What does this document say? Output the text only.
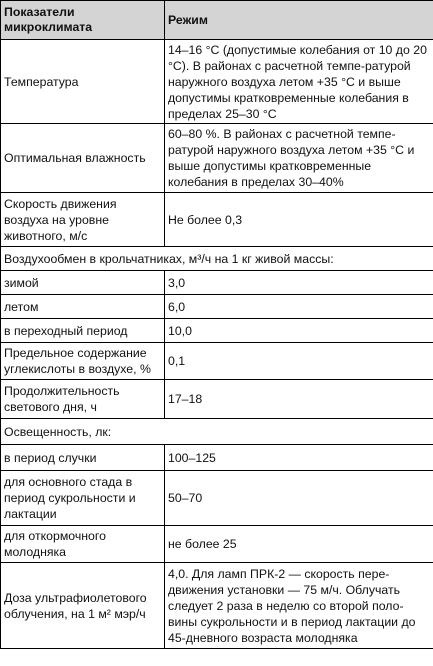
Показатели
микроклимата	Режим
Температура	14–16 °С (допустимые колебания от 10 до 20 °С). В районах с расчетной темпе-ратурой наружного воздуха летом +35 °С и выше допустимы кратковременные колебания в пределах 25–30 °С
Оптимальная влажность	60–80 %. В районах с расчетной темпе-ратурой наружного воздуха летом +35 °С и выше допустимы кратковременные колебания в пределах 30–40%
Скорость движения воздуха на уровне животного, м/с	Не более 0,3
Воздухообмен в крольчатниках, м³/ч на 1 кг живой массы:	
зимой	3,0
летом	6,0
в переходный период	10,0
Предельное содержание углекислоты в воздухе, %	0,1
Продолжительность светового дня, ч	17–18
Освещенность, лк:	
в период случки	100–125
для основного стада в период сукрольности и лактации	50–70
для откормочного молодняка	не более 25
Доза ультрафиолетового облучения, на 1 м² мэр/ч	4,0. Для ламп ПРК-2 — скорость пере-движения установки — 75 м/ч. Облучать следует 2 раза в неделю со второй поло-вины сукрольности и в период лактации до 45-дневного возраста молодняка
